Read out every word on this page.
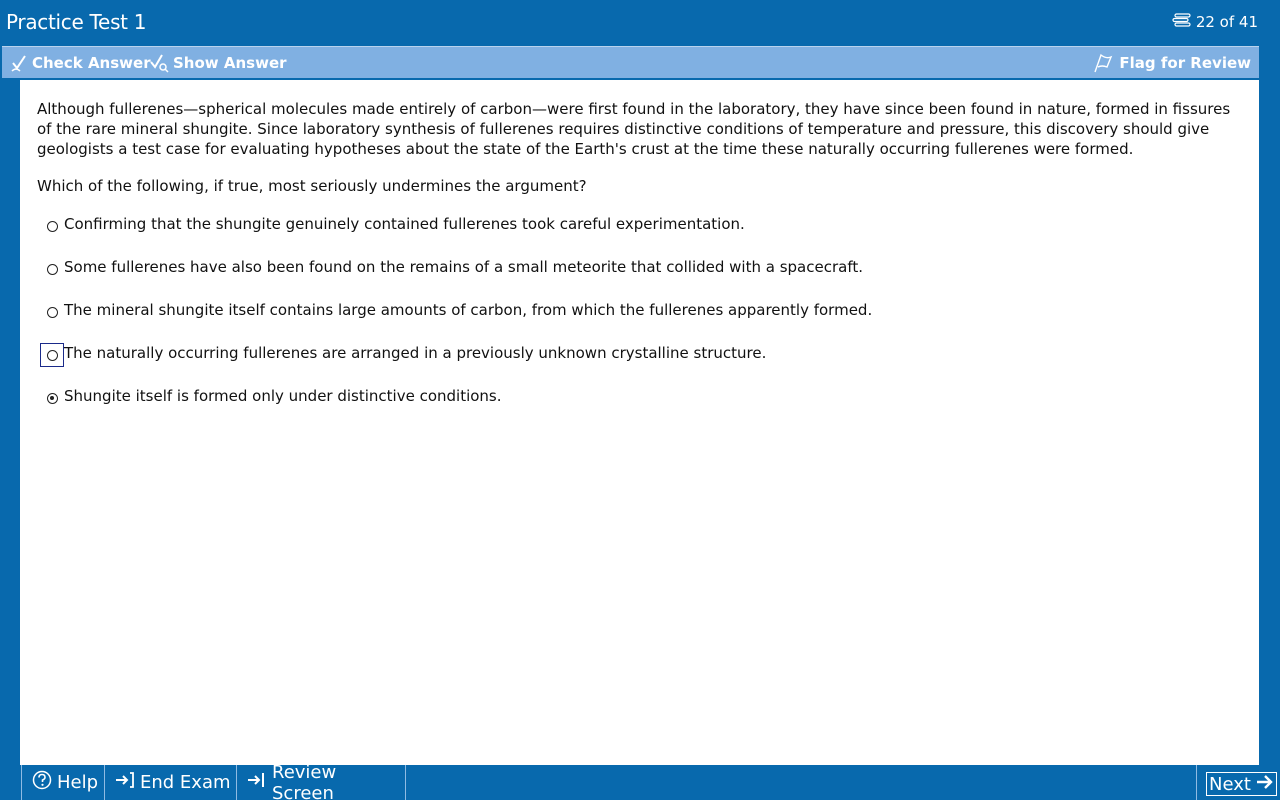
Practice Test 1	22 of 41
Check Answer Show Answer	Flag for Review
Although fullerenes—spherical molecules made entirely of carbon—were first found in the laboratory, they have since been found in nature, formed in fissures of the rare mineral shungite. Since laboratory synthesis of fullerenes requires distinctive conditions of temperature and pressure, this discovery should give geologists a test case for evaluating hypotheses about the state of the Earth's crust at the time these naturally occurring fullerenes were formed.
Which of the following, if true, most seriously undermines the argument?
Confirming that the shungite genuinely contained fullerenes took careful experimentation.
Some fullerenes have also been found on the remains of a small meteorite that collided with a spacecraft.
The mineral shungite itself contains large amounts of carbon, from which the fullerenes apparently formed.
The naturally occurring fullerenes are arranged in a previously unknown crystalline structure.
Shungite itself is formed only under distinctive conditions.
Help End Exam Review Screen	Next
